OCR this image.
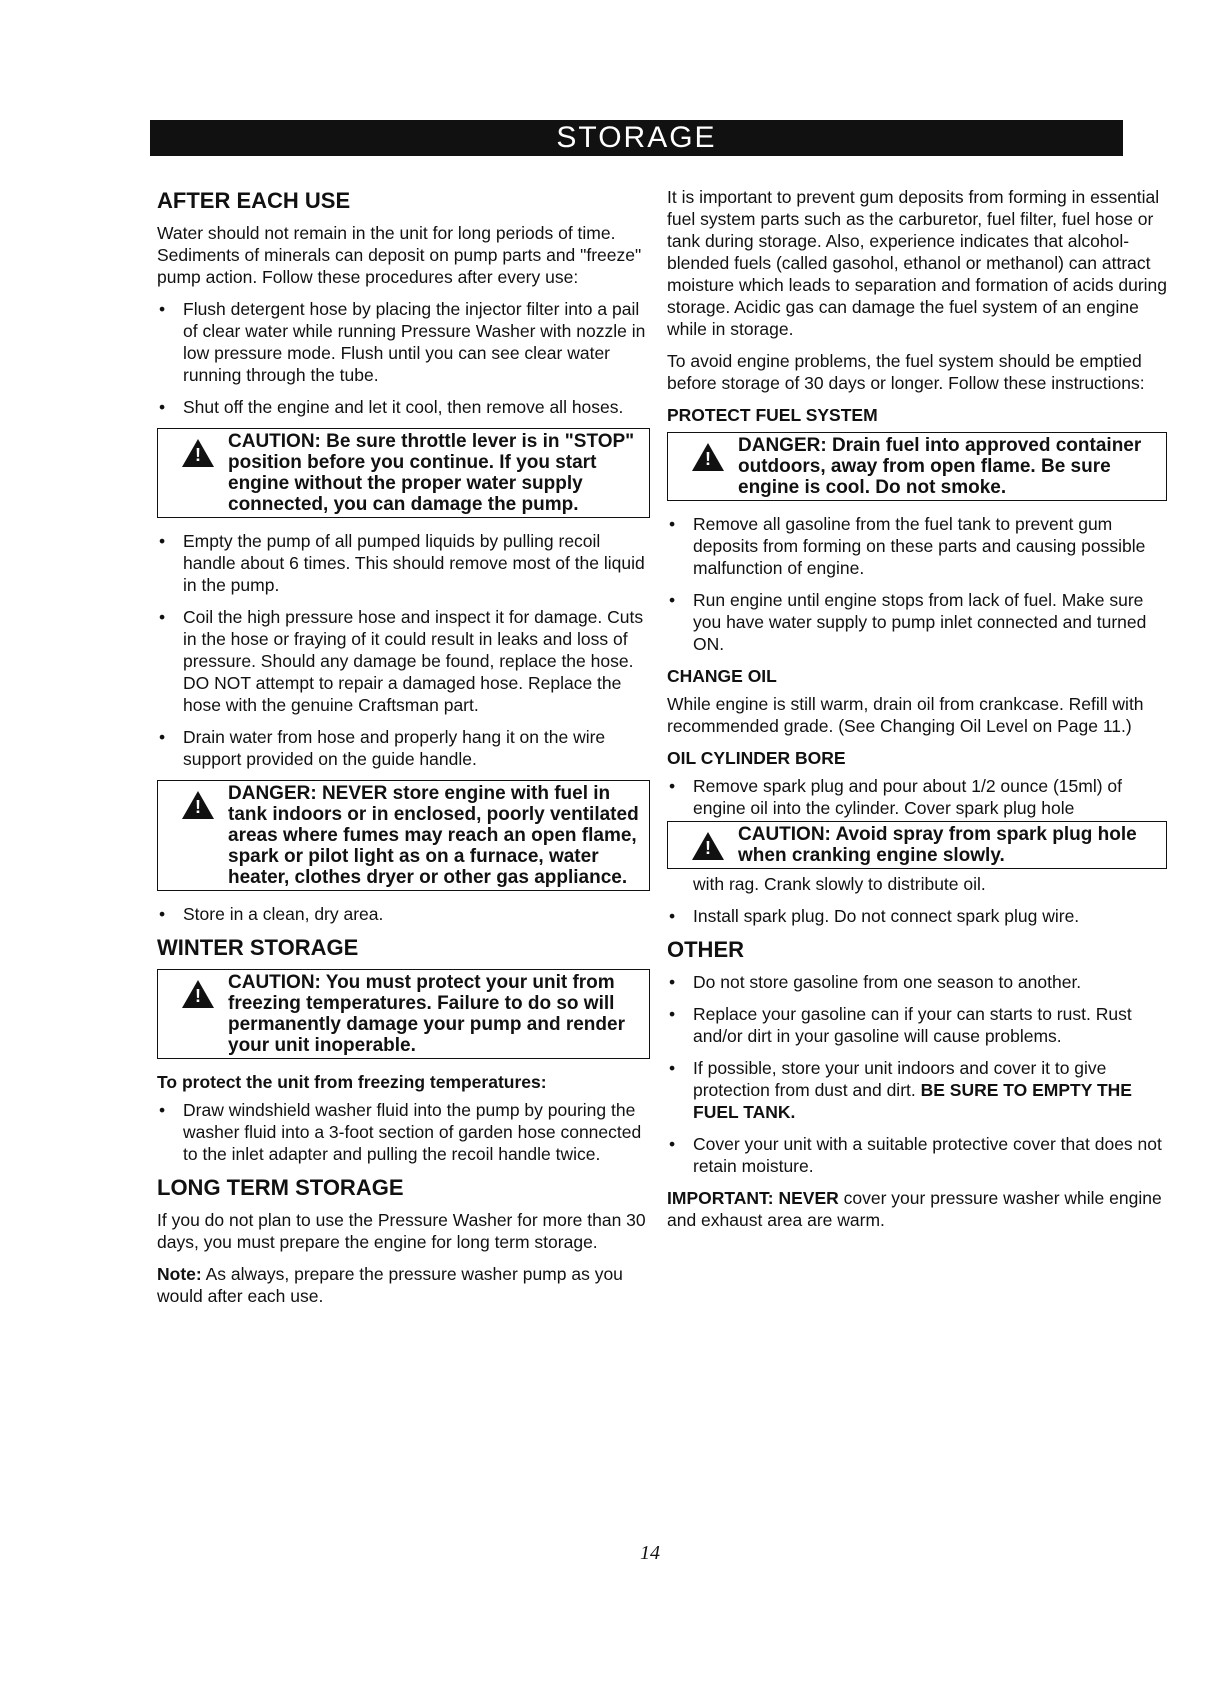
STORAGE
AFTER EACH USE

Water should not remain in the unit for long periods of time. Sediments of minerals can deposit on pump parts and "freeze" pump action. Follow these procedures after every use:

• Flush detergent hose by placing the injector filter into a pail of clear water while running Pressure Washer with nozzle in low pressure mode. Flush until you can see clear water running through the tube.
• Shut off the engine and let it cool, then remove all hoses.
!
CAUTION: Be sure throttle lever is in "STOP" position before you continue. If you start engine without the proper water supply connected, you can damage the pump.
• Empty the pump of all pumped liquids by pulling recoil handle about 6 times. This should remove most of the liquid in the pump.
• Coil the high pressure hose and inspect it for damage. Cuts in the hose or fraying of it could result in leaks and loss of pressure. Should any damage be found, replace the hose. DO NOT attempt to repair a damaged hose. Replace the hose with the genuine Craftsman part.
• Drain water from hose and properly hang it on the wire support provided on the guide handle.
!
DANGER: NEVER store engine with fuel in tank indoors or in enclosed, poorly ventilated areas where fumes may reach an open flame, spark or pilot light as on a furnace, water heater, clothes dryer or other gas appliance.
• Store in a clean, dry area.
WINTER STORAGE
!
CAUTION: You must protect your unit from freezing temperatures. Failure to do so will permanently damage your pump and render your unit inoperable.
To protect the unit from freezing temperatures:
• Draw windshield washer fluid into the pump by pouring the washer fluid into a 3-foot section of garden hose connected to the inlet adapter and pulling the recoil handle twice.
LONG TERM STORAGE

If you do not plan to use the Pressure Washer for more than 30 days, you must prepare the engine for long term storage.

Note: As always, prepare the pressure washer pump as you would after each use.

It is important to prevent gum deposits from forming in essential fuel system parts such as the carburetor, fuel filter, fuel hose or tank during storage. Also, experience indicates that alcohol-blended fuels (called gasohol, ethanol or methanol) can attract moisture which leads to separation and formation of acids during storage. Acidic gas can damage the fuel system of an engine while in storage.

To avoid engine problems, the fuel system should be emptied before storage of 30 days or longer. Follow these instructions:

PROTECT FUEL SYSTEM
!
DANGER: Drain fuel into approved container outdoors, away from open flame. Be sure engine is cool. Do not smoke.
• Remove all gasoline from the fuel tank to prevent gum deposits from forming on these parts and causing possible malfunction of engine.
• Run engine until engine stops from lack of fuel. Make sure you have water supply to pump inlet connected and turned ON.
CHANGE OIL

While engine is still warm, drain oil from crankcase. Refill with recommended grade. (See Changing Oil Level on Page 11.)

OIL CYLINDER BORE
• Remove spark plug and pour about 1/2 ounce (15ml) of engine oil into the cylinder. Cover spark plug hole
!
CAUTION: Avoid spray from spark plug hole when cranking engine slowly.

with rag. Crank slowly to distribute oil.

• Install spark plug. Do not connect spark plug wire.
OTHER
• Do not store gasoline from one season to another.
• Replace your gasoline can if your can starts to rust. Rust and/or dirt in your gasoline will cause problems.
• If possible, store your unit indoors and cover it to give protection from dust and dirt. BE SURE TO EMPTY THE FUEL TANK.
• Cover your unit with a suitable protective cover that does not retain moisture.

IMPORTANT: NEVER cover your pressure washer while engine and exhaust area are warm.

14
